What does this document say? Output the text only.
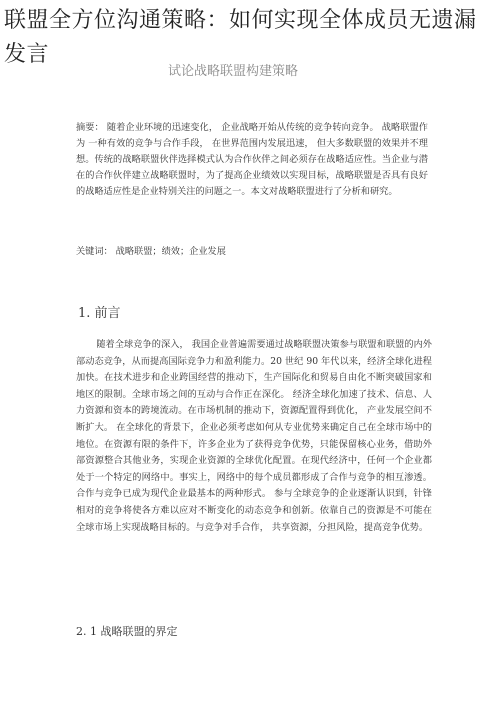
联盟全方位沟通策略：如何实现全体成员无遗漏发言
试论战略联盟构建策略

摘要： 随着企业环境的迅速变化， 企业战略开始从传统的竞争转向竞争。 战略联盟作为 一种有效的竞争与合作手段， 在世界范围内发展迅速， 但大多数联盟的效果并不理想。传统的战略联盟伙伴选择模式认为合作伙伴之间必须存在战略适应性。当企业与潜在的合作伙伴建立战略联盟时，为了提高企业绩效以实现目标，战略联盟是否具有良好的战略适应性是企业特别关注的问题之一。本文对战略联盟进行了分析和研究。

关键词： 战略联盟；绩效；企业发展

1. 前言

随着全球竞争的深入， 我国企业普遍需要通过战略联盟决策参与联盟和联盟的内外部动态竞争，从而提高国际竞争力和盈利能力。20 世纪 90 年代以来，经济全球化进程加快。在技术进步和企业跨国经营的推动下，生产国际化和贸易自由化不断突破国家和地区的限制。全球市场之间的互动与合作正在深化。 经济全球化加速了技术、信息、人力资源和资本的跨境流动。在市场机制的推动下，资源配置得到优化， 产业发展空间不断扩大。 在全球化的背景下，企业必须考虑如何从专业优势来确定自己在全球市场中的地位。在资源有限的条件下，许多企业为了获得竞争优势，只能保留核心业务，借助外部资源整合其他业务，实现企业资源的全球优化配置。在现代经济中，任何一个企业都处于一个特定的网络中。事实上，网络中的每个成员都形成了合作与竞争的相互渗透。合作与竞争已成为现代企业最基本的两种形式。 参与全球竞争的企业逐渐认识到，针锋相对的竞争将使各方难以应对不断变化的动态竞争和创新。依靠自己的资源是不可能在全球市场上实现战略目标的。与竞争对手合作， 共享资源，分担风险，提高竞争优势。

2. 1 战略联盟的界定
